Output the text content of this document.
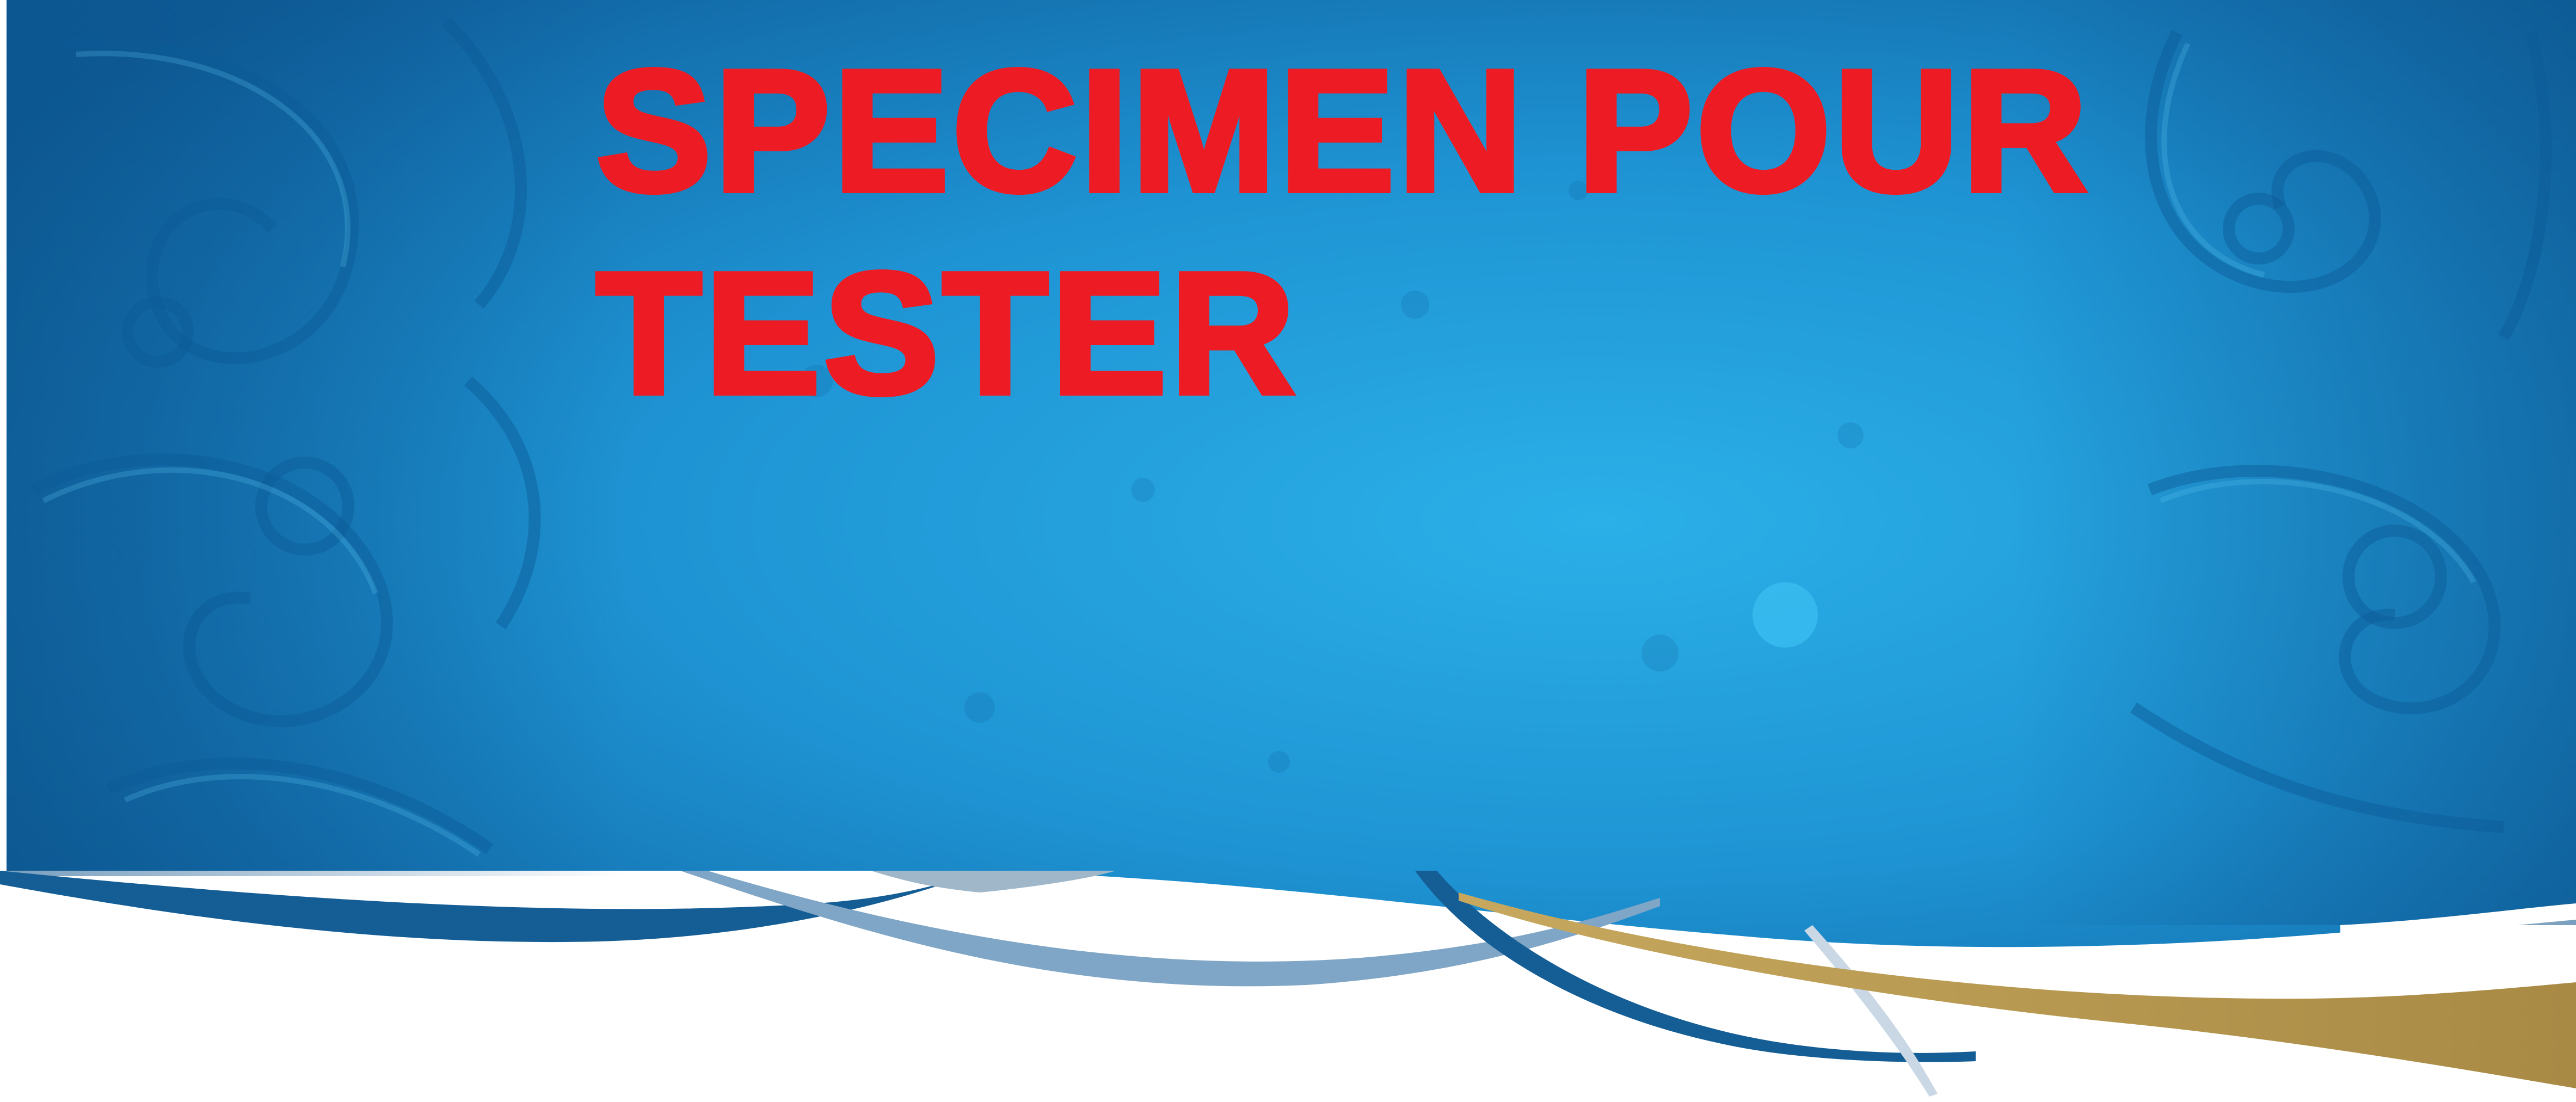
SPECIMEN POUR
TESTER
